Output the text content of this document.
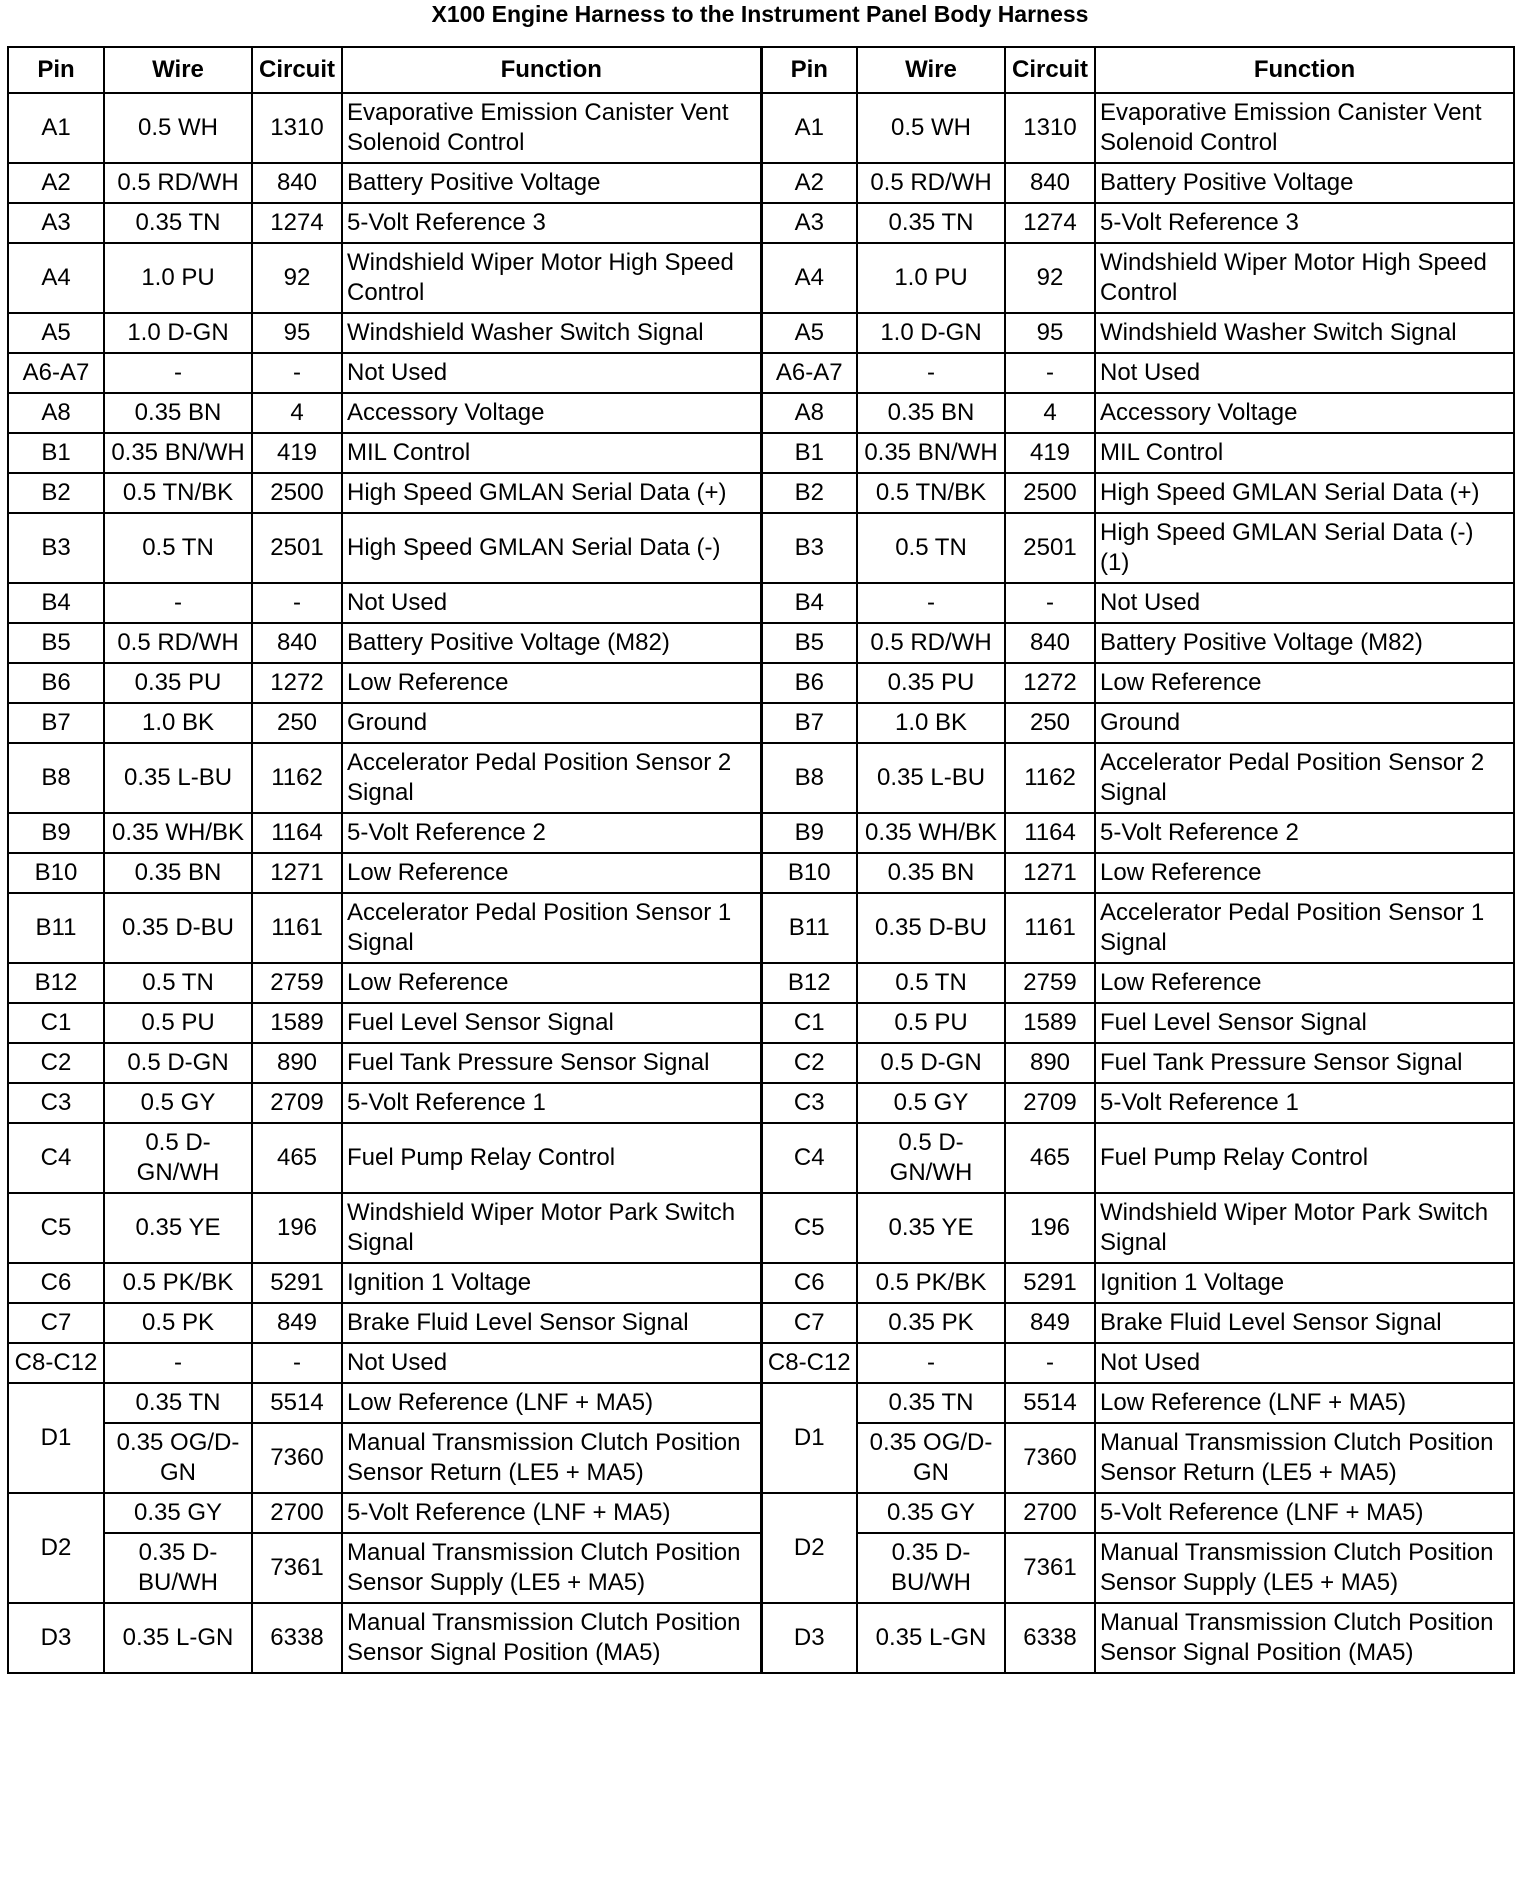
X100 Engine Harness to the Instrument Panel Body Harness
Pin	Wire	Circuit	Function	Pin	Wire	Circuit	Function
A1	0.5 WH	1310	Evaporative Emission Canister Vent Solenoid Control	A1	0.5 WH	1310	Evaporative Emission Canister Vent Solenoid Control
A2	0.5 RD/WH	840	Battery Positive Voltage	A2	0.5 RD/WH	840	Battery Positive Voltage
A3	0.35 TN	1274	5-Volt Reference 3	A3	0.35 TN	1274	5-Volt Reference 3
A4	1.0 PU	92	Windshield Wiper Motor High Speed Control	A4	1.0 PU	92	Windshield Wiper Motor High Speed Control
A5	1.0 D-GN	95	Windshield Washer Switch Signal	A5	1.0 D-GN	95	Windshield Washer Switch Signal
A6-A7	-	-	Not Used	A6-A7	-	-	Not Used
A8	0.35 BN	4	Accessory Voltage	A8	0.35 BN	4	Accessory Voltage
B1	0.35 BN/WH	419	MIL Control	B1	0.35 BN/WH	419	MIL Control
B2	0.5 TN/BK	2500	High Speed GMLAN Serial Data (+)	B2	0.5 TN/BK	2500	High Speed GMLAN Serial Data (+)
B3	0.5 TN	2501	High Speed GMLAN Serial Data (-)	B3	0.5 TN	2501	High Speed GMLAN Serial Data (-) (1)
B4	-	-	Not Used	B4	-	-	Not Used
B5	0.5 RD/WH	840	Battery Positive Voltage (M82)	B5	0.5 RD/WH	840	Battery Positive Voltage (M82)
B6	0.35 PU	1272	Low Reference	B6	0.35 PU	1272	Low Reference
B7	1.0 BK	250	Ground	B7	1.0 BK	250	Ground
B8	0.35 L-BU	1162	Accelerator Pedal Position Sensor 2 Signal	B8	0.35 L-BU	1162	Accelerator Pedal Position Sensor 2 Signal
B9	0.35 WH/BK	1164	5-Volt Reference 2	B9	0.35 WH/BK	1164	5-Volt Reference 2
B10	0.35 BN	1271	Low Reference	B10	0.35 BN	1271	Low Reference
B11	0.35 D-BU	1161	Accelerator Pedal Position Sensor 1 Signal	B11	0.35 D-BU	1161	Accelerator Pedal Position Sensor 1 Signal
B12	0.5 TN	2759	Low Reference	B12	0.5 TN	2759	Low Reference
C1	0.5 PU	1589	Fuel Level Sensor Signal	C1	0.5 PU	1589	Fuel Level Sensor Signal
C2	0.5 D-GN	890	Fuel Tank Pressure Sensor Signal	C2	0.5 D-GN	890	Fuel Tank Pressure Sensor Signal
C3	0.5 GY	2709	5-Volt Reference 1	C3	0.5 GY	2709	5-Volt Reference 1
C4	0.5 D-GN/WH	465	Fuel Pump Relay Control	C4	0.5 D-GN/WH	465	Fuel Pump Relay Control
C5	0.35 YE	196	Windshield Wiper Motor Park Switch Signal	C5	0.35 YE	196	Windshield Wiper Motor Park Switch Signal
C6	0.5 PK/BK	5291	Ignition 1 Voltage	C6	0.5 PK/BK	5291	Ignition 1 Voltage
C7	0.5 PK	849	Brake Fluid Level Sensor Signal	C7	0.35 PK	849	Brake Fluid Level Sensor Signal
C8-C12	-	-	Not Used	C8-C12	-	-	Not Used
D1	0.35 TN	5514	Low Reference (LNF + MA5)	D1	0.35 TN	5514	Low Reference (LNF + MA5)
	0.35 OG/D-GN	7360	Manual Transmission Clutch Position Sensor Return (LE5 + MA5)		0.35 OG/D-GN	7360	Manual Transmission Clutch Position Sensor Return (LE5 + MA5)
D2	0.35 GY	2700	5-Volt Reference (LNF + MA5)	D2	0.35 GY	2700	5-Volt Reference (LNF + MA5)
	0.35 D-BU/WH	7361	Manual Transmission Clutch Position Sensor Supply (LE5 + MA5)		0.35 D-BU/WH	7361	Manual Transmission Clutch Position Sensor Supply (LE5 + MA5)
D3	0.35 L-GN	6338	Manual Transmission Clutch Position Sensor Signal Position (MA5)	D3	0.35 L-GN	6338	Manual Transmission Clutch Position Sensor Signal Position (MA5)
